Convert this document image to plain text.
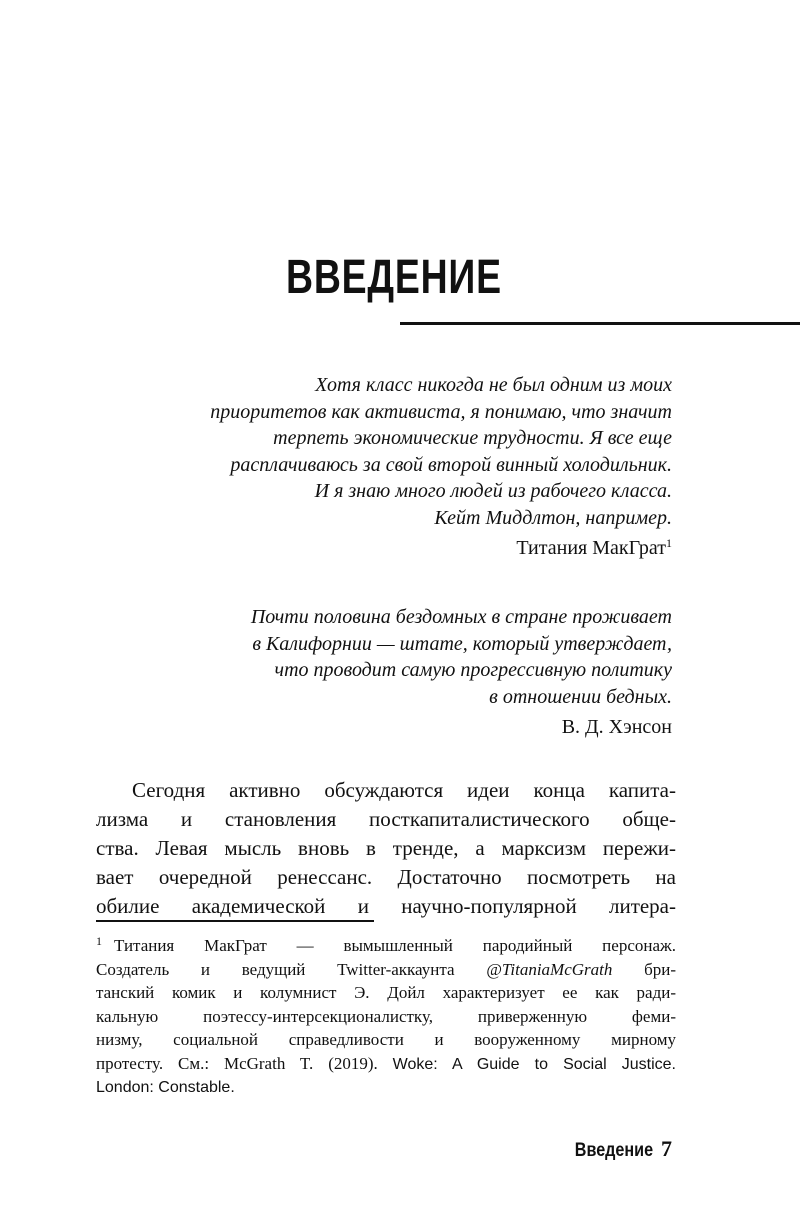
ВВЕДЕНИЕ
Хотя класс никогда не был одним из моих
приоритетов как активиста, я понимаю, что значит
терпеть экономические трудности. Я все еще
расплачиваюсь за свой второй винный холодильник.
И я знаю много людей из рабочего класса.
Кейт Миддлтон, например.
Титания МакГрат$^1$
Почти половина бездомных в стране проживает
в Калифорнии — штате, который утверждает,
что проводит самую прогрессивную политику
в отношении бедных.
В. Д. Хэнсон
Сегодня активно обсуждаются идеи конца капита-
лизма и становления посткапиталистического обще-
ства. Левая мысль вновь в тренде, а марксизм пережи-
вает очередной ренессанс. Достаточно посмотреть на
обилие академической и научно-популярной литера-
1 Титания МакГрат — вымышленный пародийный персонаж.
Создатель и ведущий Twitter-аккаунта @TitaniaMcGrath бри-
танский комик и колумнист Э. Дойл характеризует ее как ради-
кальную поэтессу-интерсекционалистку, приверженную феми-
низму, социальной справедливости и вооруженному мирному
протесту. См.: McGrath T. (2019). Woke: A Guide to Social Justice.
London: Constable.
Введение 7
